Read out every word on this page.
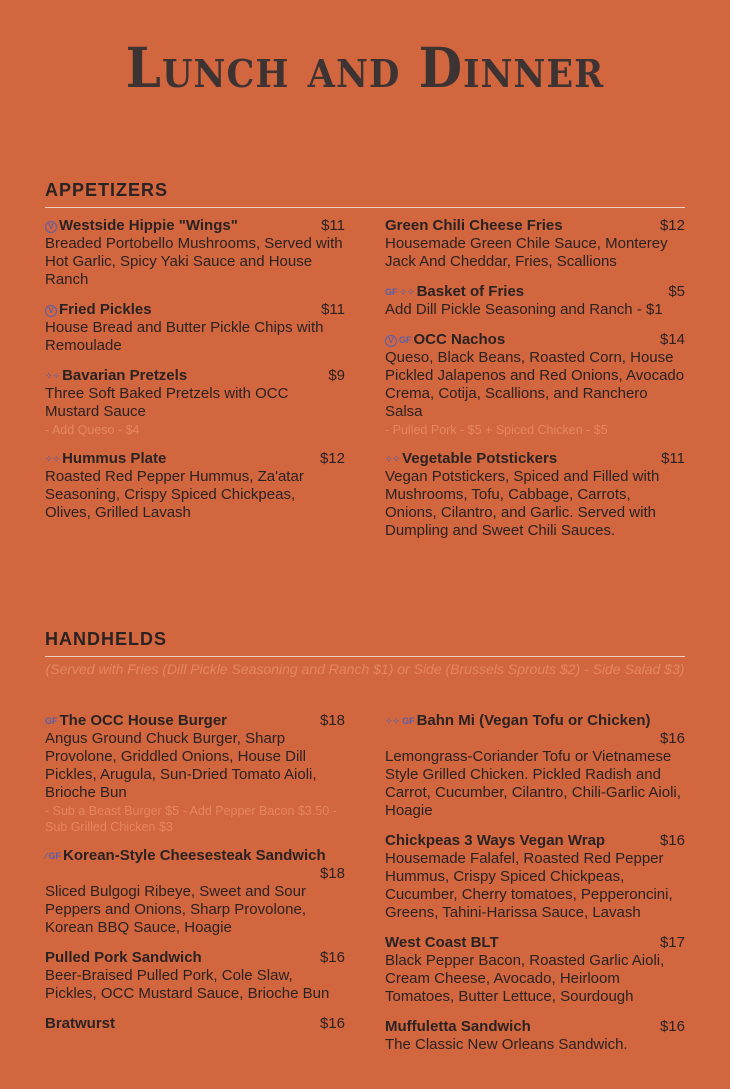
Lunch and Dinner
APPETIZERS
V Westside Hippie "Wings"	$11
Breaded Portobello Mushrooms, Served with Hot Garlic, Spicy Yaki Sauce and House Ranch
V Fried Pickles	$11
House Bread and Butter Pickle Chips with Remoulade
⁘⁘ Bavarian Pretzels	$9
Three Soft Baked Pretzels with OCC Mustard Sauce
- Add Queso - $4
⁘⁘ Hummus Plate	$12
Roasted Red Pepper Hummus, Za'atar Seasoning, Crispy Spiced Chickpeas, Olives, Grilled Lavash
Green Chili Cheese Fries	$12
Housemade Green Chile Sauce, Monterey Jack And Cheddar, Fries, Scallions
GF ⁘⁘ Basket of Fries	$5
Add Dill Pickle Seasoning and Ranch - $1
V GF OCC Nachos	$14
Queso, Black Beans, Roasted Corn, House Pickled Jalapenos and Red Onions, Avocado Crema, Cotija, Scallions, and Ranchero Salsa
- Pulled Pork - $5 + Spiced Chicken - $5
⁘⁘ Vegetable Potstickers	$11
Vegan Potstickers, Spiced and Filled with Mushrooms, Tofu, Cabbage, Carrots, Onions, Cilantro, and Garlic. Served with Dumpling and Sweet Chili Sauces.
HANDHELDS
(Served with Fries (Dill Pickle Seasoning and Ranch $1) or Side (Brussels Sprouts $2) - Side Salad $3)
GF The OCC House Burger	$18
Angus Ground Chuck Burger, Sharp Provolone, Griddled Onions, House Dill Pickles, Arugula, Sun-Dried Tomato Aioli, Brioche Bun
- Sub a Beast Burger $5 - Add Pepper Bacon $3.50 - Sub Grilled Chicken $3
∕ GF Korean-Style Cheesesteak Sandwich
$18
Sliced Bulgogi Ribeye, Sweet and Sour Peppers and Onions, Sharp Provolone, Korean BBQ Sauce, Hoagie
Pulled Pork Sandwich	$16
Beer-Braised Pulled Pork, Cole Slaw, Pickles, OCC Mustard Sauce, Brioche Bun
Bratwurst	$16
⁘⁘ GF Bahn Mi (Vegan Tofu or Chicken)
$16
Lemongrass-Coriander Tofu or Vietnamese Style Grilled Chicken. Pickled Radish and Carrot, Cucumber, Cilantro, Chili-Garlic Aioli, Hoagie
Chickpeas 3 Ways Vegan Wrap	$16
Housemade Falafel, Roasted Red Pepper Hummus, Crispy Spiced Chickpeas, Cucumber, Cherry tomatoes, Pepperoncini, Greens, Tahini-Harissa Sauce, Lavash
West Coast BLT	$17
Black Pepper Bacon, Roasted Garlic Aioli, Cream Cheese, Avocado, Heirloom Tomatoes, Butter Lettuce, Sourdough
Muffuletta Sandwich	$16
The Classic New Orleans Sandwich.
